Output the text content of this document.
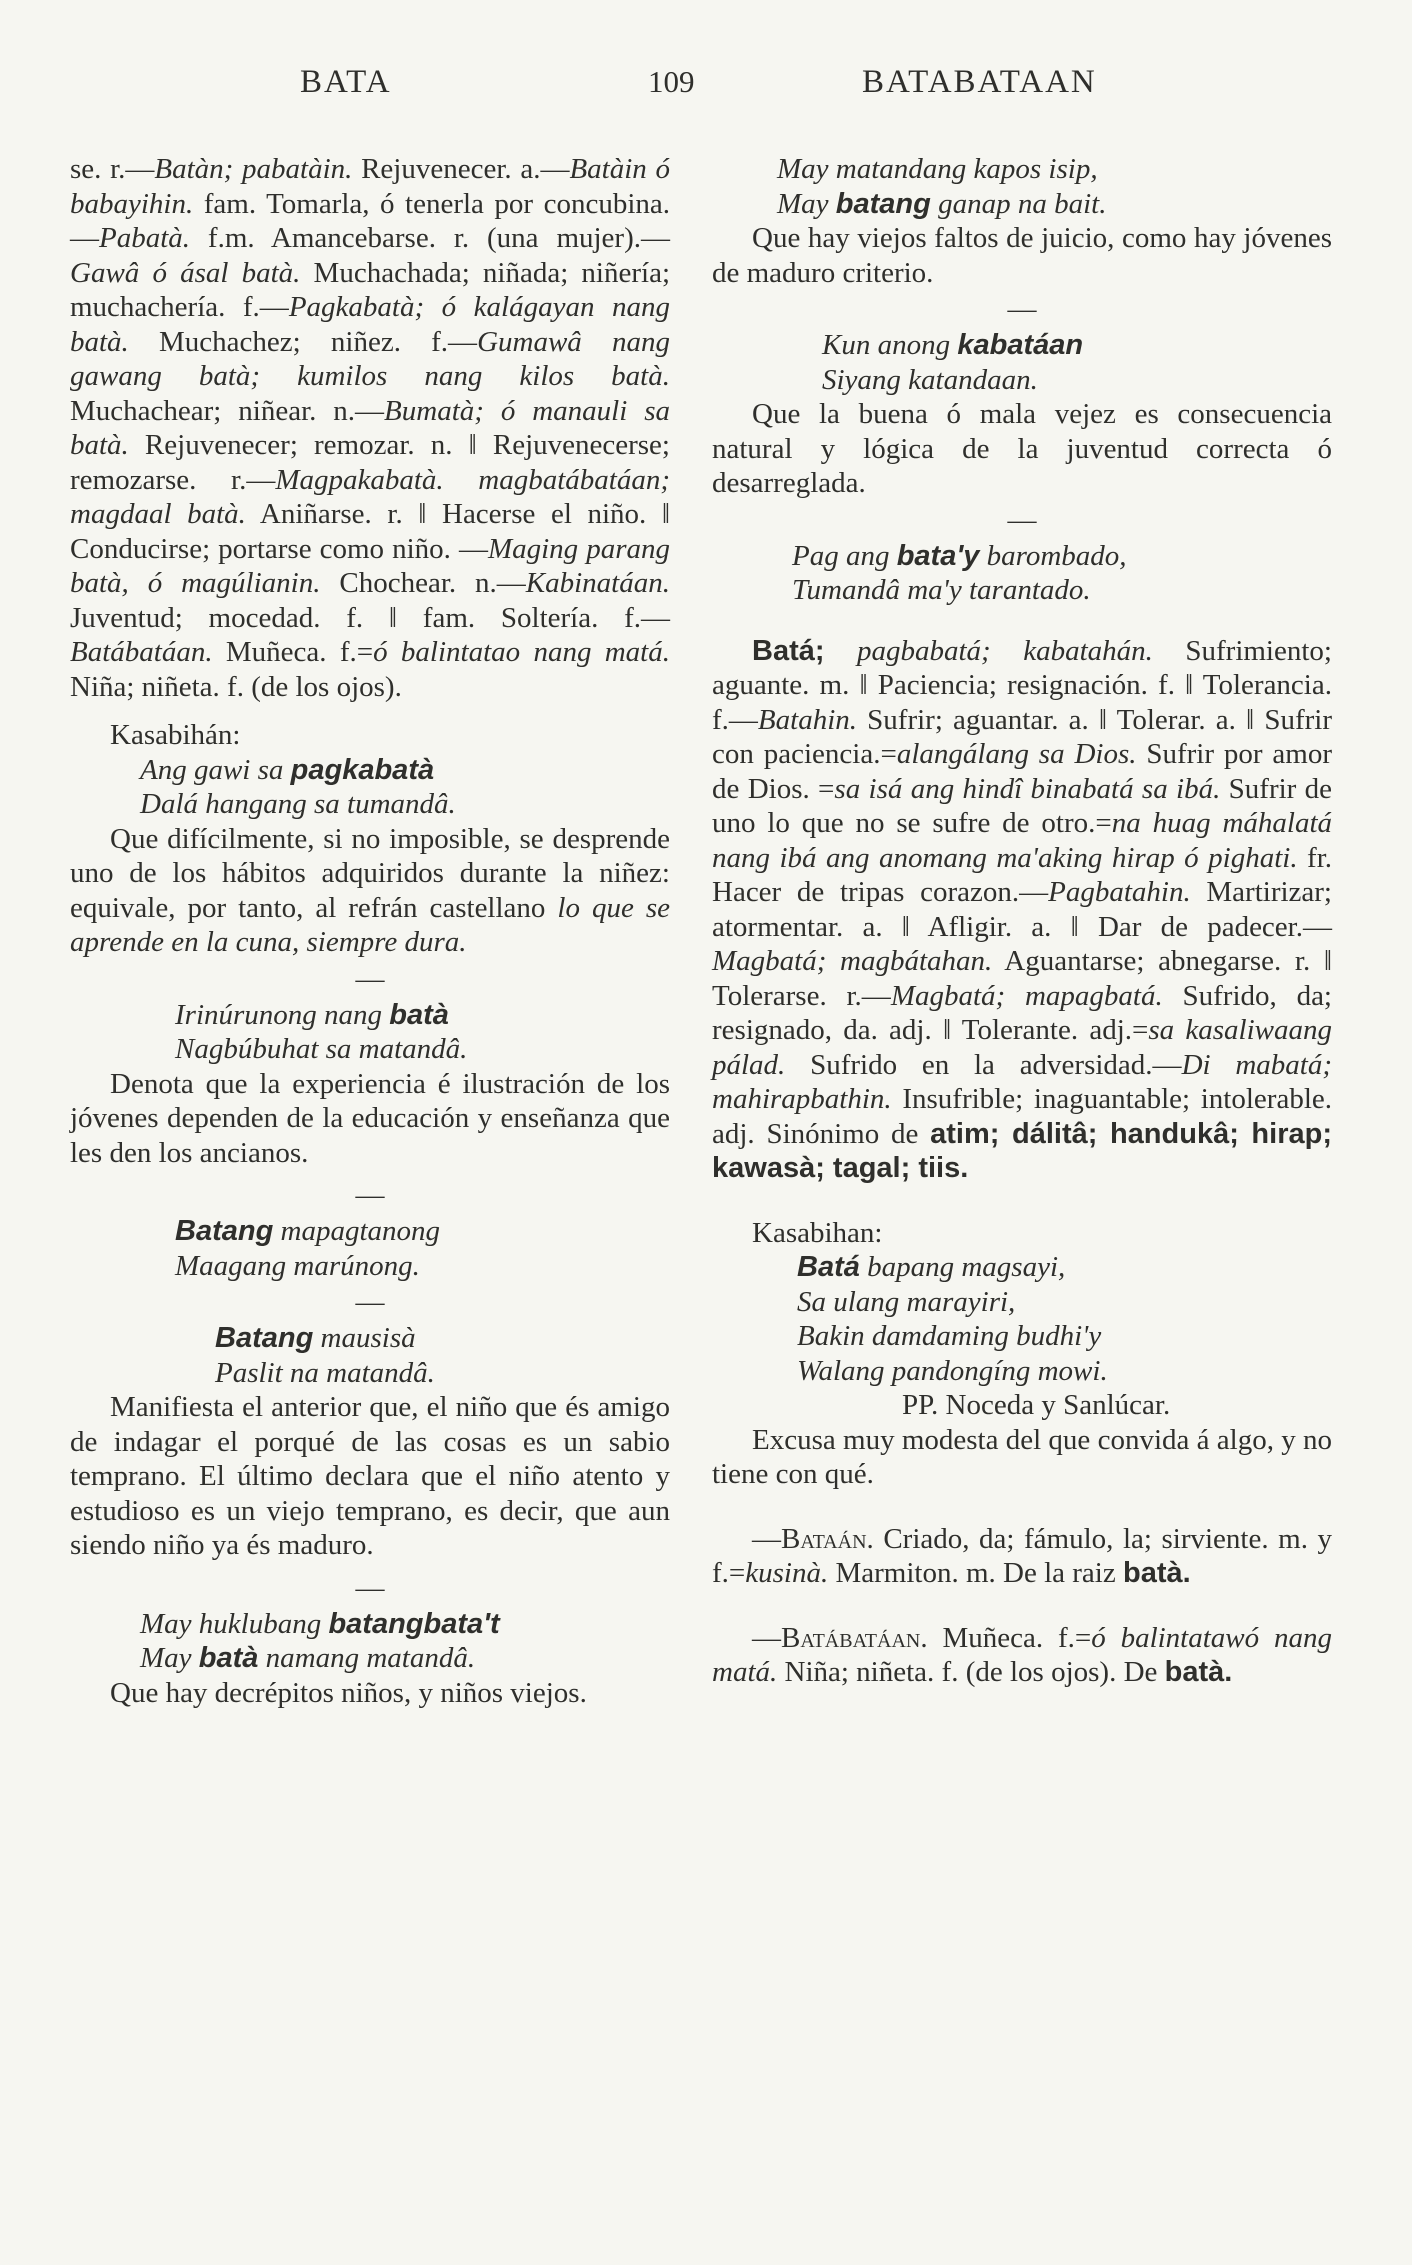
BATA	109	BATABATAAN

se. r.—Batàn; pabatàin. Rejuvenecer. a.—Batàin ó babayihin. fam. Tomarla, ó tenerla por concubina.—Pabatà. f.m. Amancebarse. r. (una mujer).—Gawâ ó ásal batà. Muchachada; niñada; niñería; muchachería. f.—Pagkabatà; ó kalágayan nang batà. Muchachez; niñez. f.—Gumawâ nang gawang batà; kumilos nang kilos batà. Muchachear; niñear. n.—Bumatà; ó manauli sa batà. Rejuvenecer; remozar. n. ‖ Rejuvenecerse; remozarse. r.—Magpakabatà. magbatábatáan; magdaal batà. Aniñarse. r. ‖ Hacerse el niño. ‖ Conducirse; portarse como niño. —Maging parang batà, ó magúlianin. Chochear. n.—Kabinatáan. Juventud; mocedad. f. ‖ fam. Soltería. f.—Batábatáan. Muñeca. f.=ó balintatao nang matá. Niña; niñeta. f. (de los ojos).

Kasabihán:
Ang gawi sa pagkabatà
Dalá hangang sa tumandâ.

Que difícilmente, si no imposible, se desprende uno de los hábitos adquiridos durante la niñez: equivale, por tanto, al refrán castellano lo que se aprende en la cuna, siempre dura.

—
Irinúrunong nang batà
Nagbúbuhat sa matandâ.

Denota que la experiencia é ilustración de los jóvenes dependen de la educación y enseñanza que les den los ancianos.

—
Batang mapagtanong
Maagang marúnong.
—
Batang mausisà
Paslit na matandâ.

Manifiesta el anterior que, el niño que és amigo de indagar el porqué de las cosas es un sabio temprano. El último declara que el niño atento y estudioso es un viejo temprano, es decir, que aun siendo niño ya és maduro.

—
May huklubang batangbata't
May batà namang matandâ.

Que hay decrépitos niños, y niños viejos.

May matandang kapos isip,
May batang ganap na bait.

Que hay viejos faltos de juicio, como hay jóvenes de maduro criterio.

—
Kun anong kabatáan
Siyang katandaan.

Que la buena ó mala vejez es consecuencia natural y lógica de la juventud correcta ó desarreglada.

—
Pag ang bata'y barombado,
Tumandâ ma'y tarantado.

Batá; pagbabatá; kabatahán. Sufrimiento; aguante. m. ‖ Paciencia; resignación. f. ‖ Tolerancia. f.—Batahin. Sufrir; aguantar. a. ‖ Tolerar. a. ‖ Sufrir con paciencia.=alangálang sa Dios. Sufrir por amor de Dios. =sa isá ang hindî binabatá sa ibá. Sufrir de uno lo que no se sufre de otro.=na huag máhalatá nang ibá ang anomang ma'aking hirap ó pighati. fr. Hacer de tripas corazon.—Pagbatahin. Martirizar; atormentar. a. ‖ Afligir. a. ‖ Dar de padecer.—Magbatá; magbátahan. Aguantarse; abnegarse. r. ‖ Tolerarse. r.—Magbatá; mapagbatá. Sufrido, da; resignado, da. adj. ‖ Tolerante. adj.=sa kasaliwaang pálad. Sufrido en la adversidad.—Di mabatá; mahirapbathin. Insufrible; inaguantable; intolerable. adj. Sinónimo de atim; dálitâ; handukâ; hirap; kawasà; tagal; tiis.

Kasabihan:
Batá bapang magsayi,
Sa ulang marayiri,
Bakin damdaming budhi'y
Walang pandongíng mowi.
PP. Noceda y Sanlúcar.

Excusa muy modesta del que convida á algo, y no tiene con qué.

—Bataán. Criado, da; fámulo, la; sirviente. m. y f.=kusinà. Marmiton. m. De la raiz batà.

—Batábatáan. Muñeca. f.=ó balintatawó nang matá. Niña; niñeta. f. (de los ojos). De batà.
